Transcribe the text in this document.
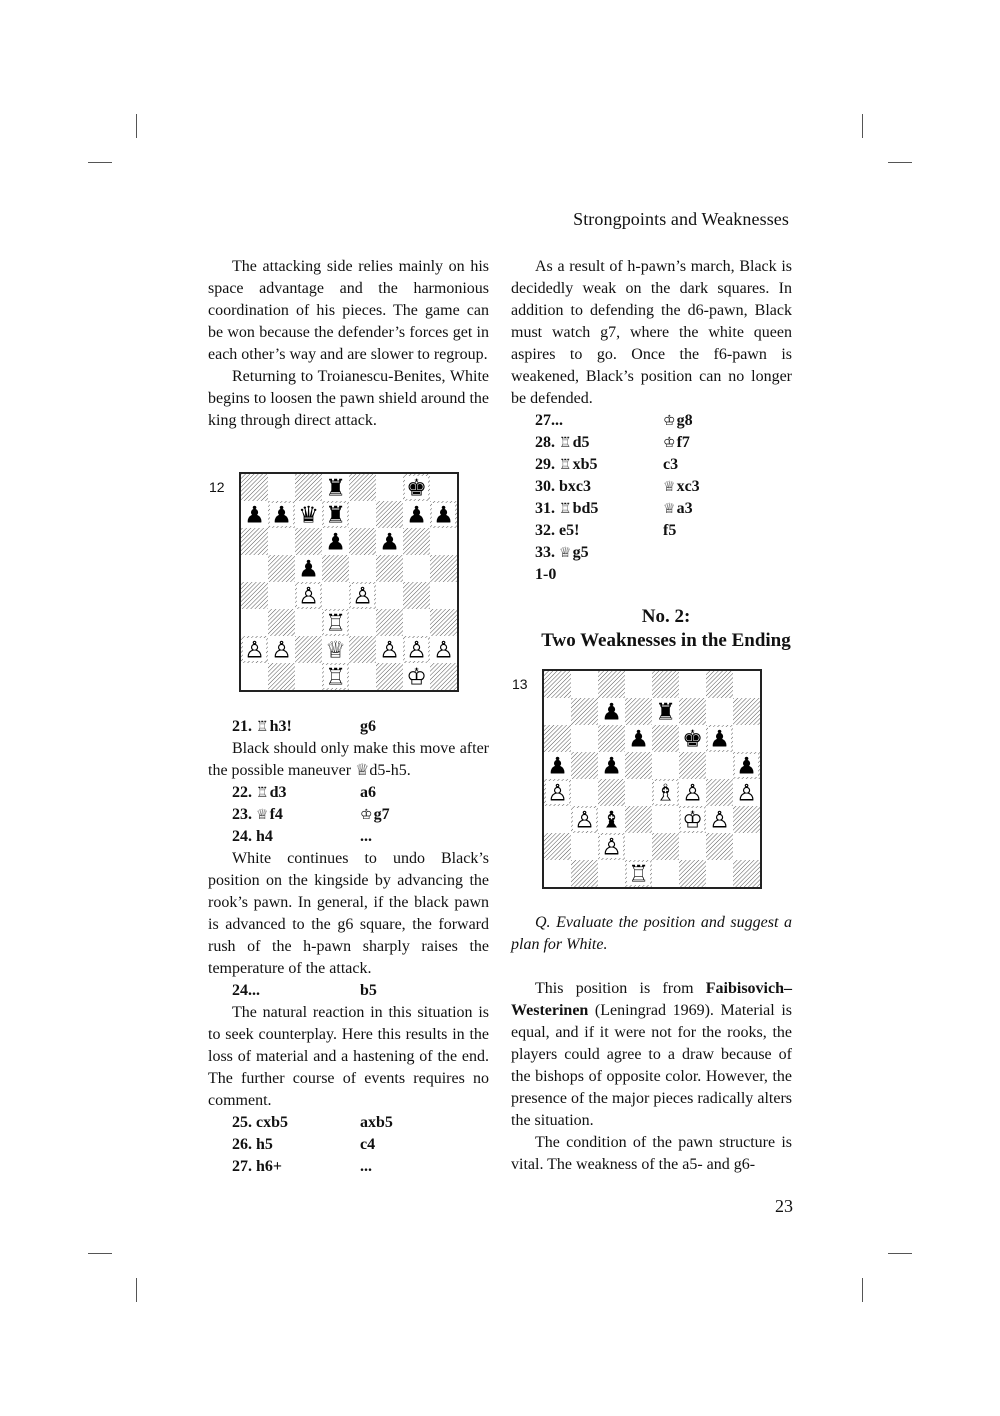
Strongpoints and Weaknesses

The attacking side relies mainly on his space advantage and the harmonious coordination of his pieces. The game can be won because the defender’s forces get in each other’s way and are slower to regroup.

Returning to Troianescu-Benites, White begins to loosen the pawn shield around the king through direct attack.

12	♜	♚
♟ ♟ ♛ ♜	♟ ♟
♟ ♟
♟
♙ ♙
♖
♙ ♙ ♕ ♙ ♙ ♙
♖	♔
21. ♖h3!	g6

Black should only make this move after the possible maneuver ♕d5-h5.

22. ♖d3	a6
23. ♕f4	♔g7
24. h4	...

White continues to undo Black’s position on the kingside by advancing the rook’s pawn. In general, if the black pawn is advanced to the g6 square, the forward rush of the h-pawn sharply raises the temperature of the attack.

24...	b5

The natural reaction in this situation is to seek counterplay. Here this results in the loss of material and a hastening of the end. The further course of events requires no comment.

25. cxb5	axb5
26. h5	c4
27. h6+	...

As a result of h-pawn’s march, Black is decidedly weak on the dark squares. In addition to defending the d6-pawn, Black must watch g7, where the white queen aspires to go. Once the f6-pawn is weakened, Black’s position can no longer be defended.

27...	♔g8
28. ♖d5	♔f7
29. ♖xb5	c3
30. bxc3	♕xc3
31. ♖bd5	♕a3
32. e5!	f5
33. ♕g5
1-0
No. 2:
Two Weaknesses in the Ending
13
♟ ♜
♟ ♚ ♟
♟ ♟	♟
♙	♗ ♙ ♙
♙ ♝	♔ ♙
♙
♖

Q. Evaluate the position and suggest a plan for White.

This position is from Faibisovich–Westerinen (Leningrad 1969). Material is equal, and if it were not for the rooks, the players could agree to a draw because of the bishops of opposite color. However, the presence of the major pieces radically alters the situation.

The condition of the pawn structure is vital. The weakness of the a5- and g6-

23
